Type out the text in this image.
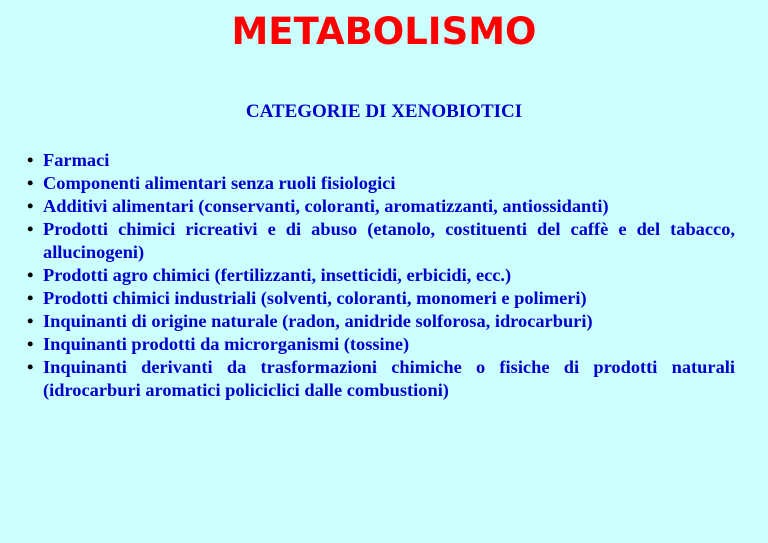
METABOLISMO
CATEGORIE DI XENOBIOTICI
• Farmaci
• Componenti alimentari senza ruoli fisiologici
• Additivi alimentari (conservanti, coloranti, aromatizzanti, antiossidanti)
• Prodotti chimici ricreativi e di abuso (etanolo, costituenti del caffè e del tabacco, allucinogeni)
• Prodotti agro chimici (fertilizzanti, insetticidi, erbicidi, ecc.)
• Prodotti chimici industriali (solventi, coloranti, monomeri e polimeri)
• Inquinanti di origine naturale (radon, anidride solforosa, idrocarburi)
• Inquinanti prodotti da microrganismi (tossine)
• Inquinanti derivanti da trasformazioni chimiche o fisiche di prodotti naturali (idrocarburi aromatici policiclici dalle combustioni)
